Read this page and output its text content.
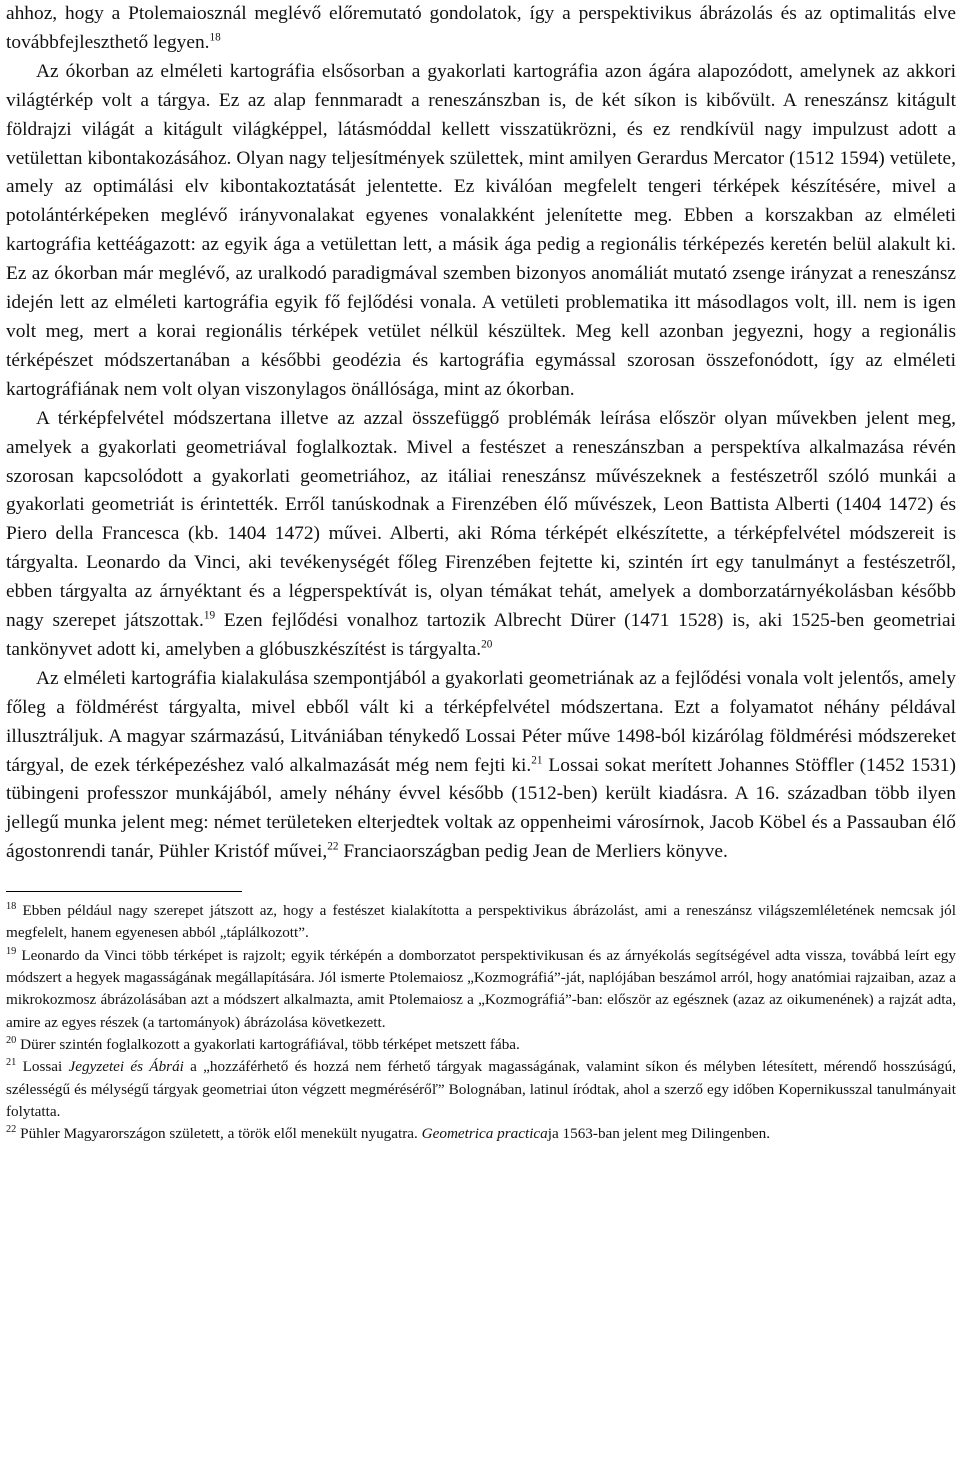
ahhoz, hogy a Ptolemaiosznál meglévő előremutató gondolatok, így a perspektivikus ábrázolás és az optimalitás elve továbbfejleszthető legyen.$^{18}$

Az ókorban az elméleti kartográfia elsősorban a gyakorlati kartográfia azon ágára alapozódott, amelynek az akkori világtérkép volt a tárgya. Ez az alap fennmaradt a reneszánszban is, de két síkon is kibővült. A reneszánsz kitágult földrajzi világát a kitágult világképpel, látásmóddal kellett visszatükrözni, és ez rendkívül nagy impulzust adott a vetülettan kibontakozásához. Olyan nagy teljesítmények születtek, mint amilyen Gerardus Mercator (1512 1594) vetülete, amely az optimálási elv kibontakoztatását jelentette. Ez kiválóan megfelelt tengeri térképek készítésére, mivel a potolántérképeken meglévő irányvonalakat egyenes vonalakként jelenítette meg. Ebben a korszakban az elméleti kartográfia kettéágazott: az egyik ága a vetülettan lett, a másik ága pedig a regionális térképezés keretén belül alakult ki. Ez az ókorban már meglévő, az uralkodó paradigmával szemben bizonyos anomáliát mutató zsenge irányzat a reneszánsz idején lett az elméleti kartográfia egyik fő fejlődési vonala. A vetületi problematika itt másodlagos volt, ill. nem is igen volt meg, mert a korai regionális térképek vetület nélkül készültek. Meg kell azonban jegyezni, hogy a regionális térképészet módszertanában a későbbi geodézia és kartográfia egymással szorosan összefonódott, így az elméleti kartográfiának nem volt olyan viszonylagos önállósága, mint az ókorban.

A térképfelvétel módszertana illetve az azzal összefüggő problémák leírása először olyan művekben jelent meg, amelyek a gyakorlati geometriával foglalkoztak. Mivel a festészet a reneszánszban a perspektíva alkalmazása révén szorosan kapcsolódott a gyakorlati geometriához, az itáliai reneszánsz művészeknek a festészetről szóló munkái a gyakorlati geometriát is érintették. Erről tanúskodnak a Firenzében élő művészek, Leon Battista Alberti (1404 1472) és Piero della Francesca (kb. 1404 1472) művei. Alberti, aki Róma térképét elkészítette, a térképfelvétel módszereit is tárgyalta. Leonardo da Vinci, aki tevékenységét főleg Firenzében fejtette ki, szintén írt egy tanulmányt a festészetről, ebben tárgyalta az árnyéktant és a légperspektívát is, olyan témákat tehát, amelyek a domborzatárnyékolásban később nagy szerepet játszottak.$^{19}$ Ezen fejlődési vonalhoz tartozik Albrecht Dürer (1471 1528) is, aki 1525-ben geometriai tankönyvet adott ki, amelyben a glóbuszkészítést is tárgyalta.$^{20}$

Az elméleti kartográfia kialakulása szempontjából a gyakorlati geometriának az a fejlődési vonala volt jelentős, amely főleg a földmérést tárgyalta, mivel ebből vált ki a térképfelvétel módszertana. Ezt a folyamatot néhány példával illusztráljuk. A magyar származású, Litvániában ténykedő Lossai Péter műve 1498-ból kizárólag földmérési módszereket tárgyal, de ezek térképezéshez való alkalmazását még nem fejti ki.$^{21}$ Lossai sokat merített Johannes Stöffler (1452 1531) tübingeni professzor munkájából, amely néhány évvel később (1512-ben) került kiadásra. A 16. században több ilyen jellegű munka jelent meg: német területeken elterjedtek voltak az oppenheimi városírnok, Jacob Köbel és a Passauban élő ágostonrendi tanár, Pühler Kristóf művei,$^{22}$ Franciaországban pedig Jean de Merliers könyve.

$^{18}$ Ebben például nagy szerepet játszott az, hogy a festészet kialakította a perspektivikus ábrázolást, ami a reneszánsz világszemléletének nemcsak jól megfelelt, hanem egyenesen abból „táplálkozott”.

$^{19}$ Leonardo da Vinci több térképet is rajzolt; egyik térképén a domborzatot perspektivikusan és az árnyékolás segítségével adta vissza, továbbá leírt egy módszert a hegyek magasságának megállapítására. Jól ismerte Ptolemaiosz „Kozmográfiá”-ját, naplójában beszámol arról, hogy anatómiai rajzaiban, azaz a mikrokozmosz ábrázolásában azt a módszert alkalmazta, amit Ptolemaiosz a „Kozmográfiá”-ban: először az egésznek (azaz az oikumenének) a rajzát adta, amire az egyes részek (a tartományok) ábrázolása következett.

$^{20}$ Dürer szintén foglalkozott a gyakorlati kartográfiával, több térképet metszett fába.

$^{21}$ Lossai Jegyzetei és Ábrái a „hozzáférhető és hozzá nem férhető tárgyak magasságának, valamint síkon és mélyben létesített, mérendő hosszúságú, szélességű és mélységű tárgyak geometriai úton végzett megmérésérőľ” Bolognában, latinul íródtak, ahol a szerző egy időben Kopernikusszal tanulmányait folytatta.

$^{22}$ Pühler Magyarországon született, a török elől menekült nyugatra. Geometrica practicaja 1563-ban jelent meg Dilingenben.
